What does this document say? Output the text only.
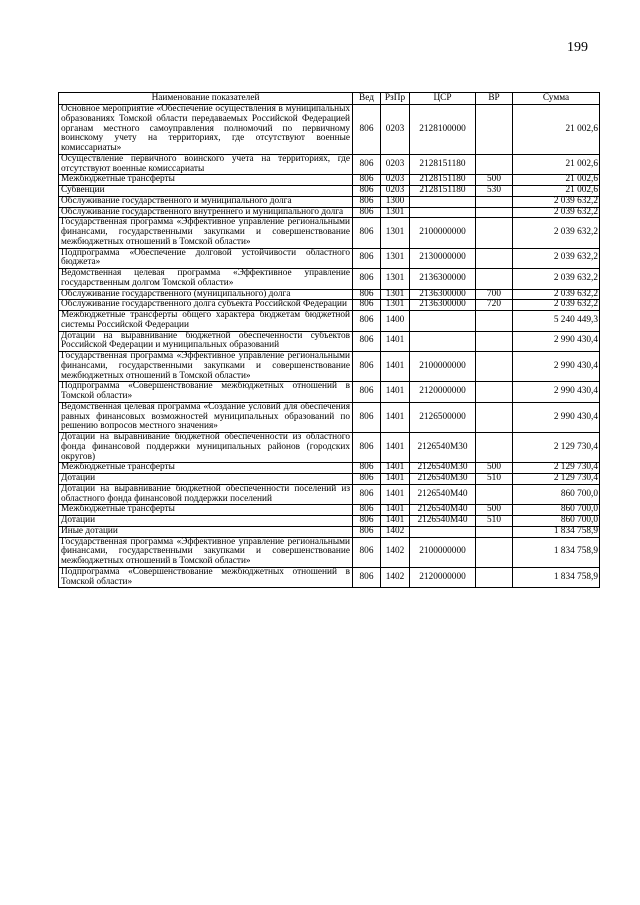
199
Наименование показателей	Вед	РзПр	ЦСР	ВР	Сумма
Основное мероприятие «Обеспечение осуществления в муниципальных образованиях Томской области передаваемых Российской Федерацией органам местного самоуправления полномочий по первичному воинскому учету на территориях, где отсутствуют военные комиссариаты»	806	0203	2128100000		21 002,6
Осуществление первичного воинского учета на территориях, где отсутствуют военные комиссариаты	806	0203	2128151180		21 002,6
Межбюджетные трансферты	806	0203	2128151180	500	21 002,6
Субвенции	806	0203	2128151180	530	21 002,6
Обслуживание государственного и муниципального долга	806	1300			2 039 632,2
Обслуживание государственного внутреннего и муниципального долга	806	1301			2 039 632,2
Государственная программа «Эффективное управление региональными финансами, государственными закупками и совершенствование межбюджетных отношений в Томской области»	806	1301	2100000000		2 039 632,2
Подпрограмма «Обеспечение долговой устойчивости областного бюджета»	806	1301	2130000000		2 039 632,2
Ведомственная целевая программа «Эффективное управление государственным долгом Томской области»	806	1301	2136300000		2 039 632,2
Обслуживание государственного (муниципального) долга	806	1301	2136300000	700	2 039 632,2
Обслуживание государственного долга субъекта Российской Федерации	806	1301	2136300000	720	2 039 632,2
Межбюджетные трансферты общего характера бюджетам бюджетной системы Российской Федерации	806	1400			5 240 449,3
Дотации на выравнивание бюджетной обеспеченности субъектов Российской Федерации и муниципальных образований	806	1401			2 990 430,4
Государственная программа «Эффективное управление региональными финансами, государственными закупками и совершенствование межбюджетных отношений в Томской области»	806	1401	2100000000		2 990 430,4
Подпрограмма «Совершенствование межбюджетных отношений в Томской области»	806	1401	2120000000		2 990 430,4
Ведомственная целевая программа «Создание условий для обеспечения равных финансовых возможностей муниципальных образований по решению вопросов местного значения»	806	1401	2126500000		2 990 430,4
Дотации на выравнивание бюджетной обеспеченности из областного фонда финансовой поддержки муниципальных районов (городских округов)	806	1401	2126540М30		2 129 730,4
Межбюджетные трансферты	806	1401	2126540М30	500	2 129 730,4
Дотации	806	1401	2126540М30	510	2 129 730,4
Дотации на выравнивание бюджетной обеспеченности поселений из областного фонда финансовой поддержки поселений	806	1401	2126540М40		860 700,0
Межбюджетные трансферты	806	1401	2126540М40	500	860 700,0
Дотации	806	1401	2126540М40	510	860 700,0
Иные дотации	806	1402			1 834 758,9
Государственная программа «Эффективное управление региональными финансами, государственными закупками и совершенствование межбюджетных отношений в Томской области»	806	1402	2100000000		1 834 758,9
Подпрограмма «Совершенствование межбюджетных отношений в Томской области»	806	1402	2120000000		1 834 758,9
